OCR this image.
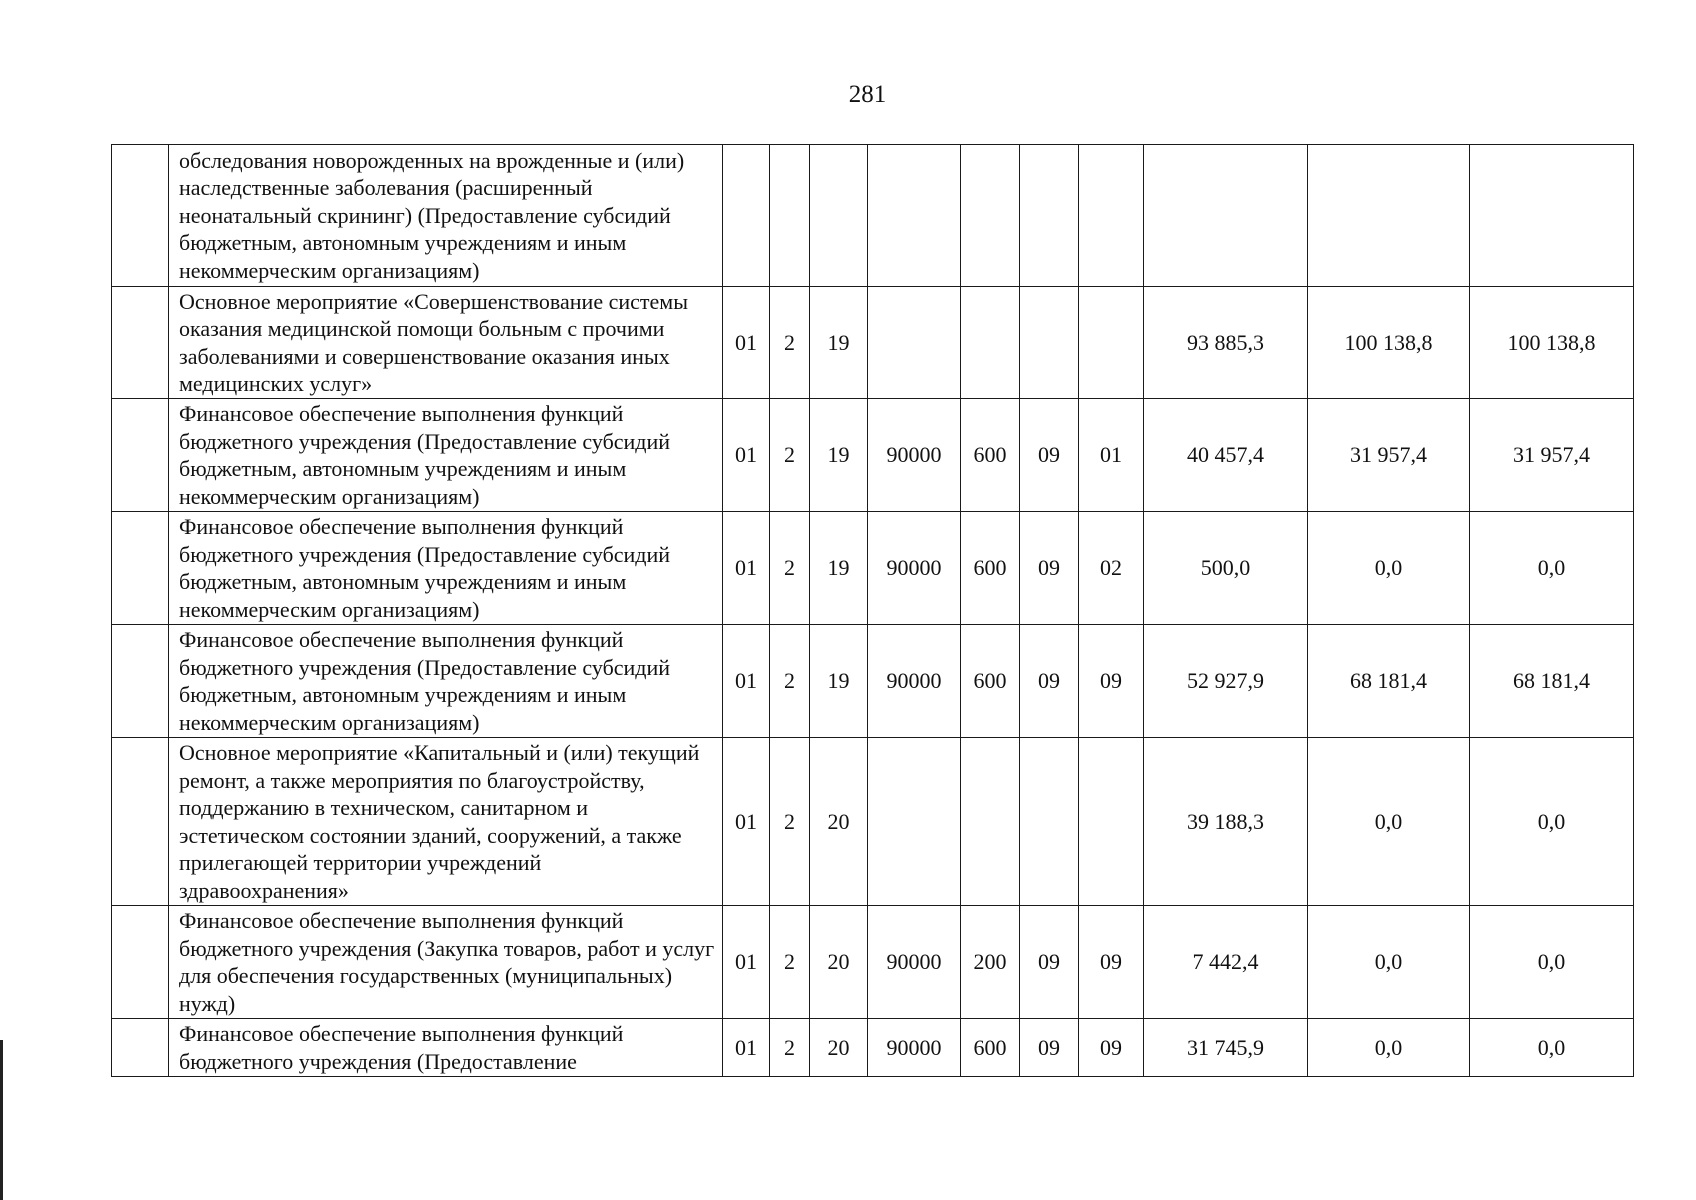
281
	обследования новорожденных на врожденные и (или) наследственные заболевания (расширенный неонатальный скрининг) (Предоставление субсидий бюджетным, автономным учреждениям и иным некоммерческим организациям)										
	Основное мероприятие «Совершенствование системы оказания медицинской помощи больным с прочими заболеваниями и совершенствование оказания иных медицинских услуг»	01	2	19					93 885,3	100 138,8	100 138,8
	Финансовое обеспечение выполнения функций бюджетного учреждения (Предоставление субсидий бюджетным, автономным учреждениям и иным некоммерческим организациям)	01	2	19	90000	600	09	01	40 457,4	31 957,4	31 957,4
	Финансовое обеспечение выполнения функций бюджетного учреждения (Предоставление субсидий бюджетным, автономным учреждениям и иным некоммерческим организациям)	01	2	19	90000	600	09	02	500,0	0,0	0,0
	Финансовое обеспечение выполнения функций бюджетного учреждения (Предоставление субсидий бюджетным, автономным учреждениям и иным некоммерческим организациям)	01	2	19	90000	600	09	09	52 927,9	68 181,4	68 181,4
	Основное мероприятие «Капитальный и (или) текущий ремонт, а также мероприятия по благоустройству, поддержанию в техническом, санитарном и эстетическом состоянии зданий, сооружений, а также прилегающей территории учреждений здравоохранения»	01	2	20					39 188,3	0,0	0,0
	Финансовое обеспечение выполнения функций бюджетного учреждения (Закупка товаров, работ и услуг для обеспечения государственных (муниципальных) нужд)	01	2	20	90000	200	09	09	7 442,4	0,0	0,0
	Финансовое обеспечение выполнения функций бюджетного учреждения (Предоставление	01	2	20	90000	600	09	09	31 745,9	0,0	0,0
